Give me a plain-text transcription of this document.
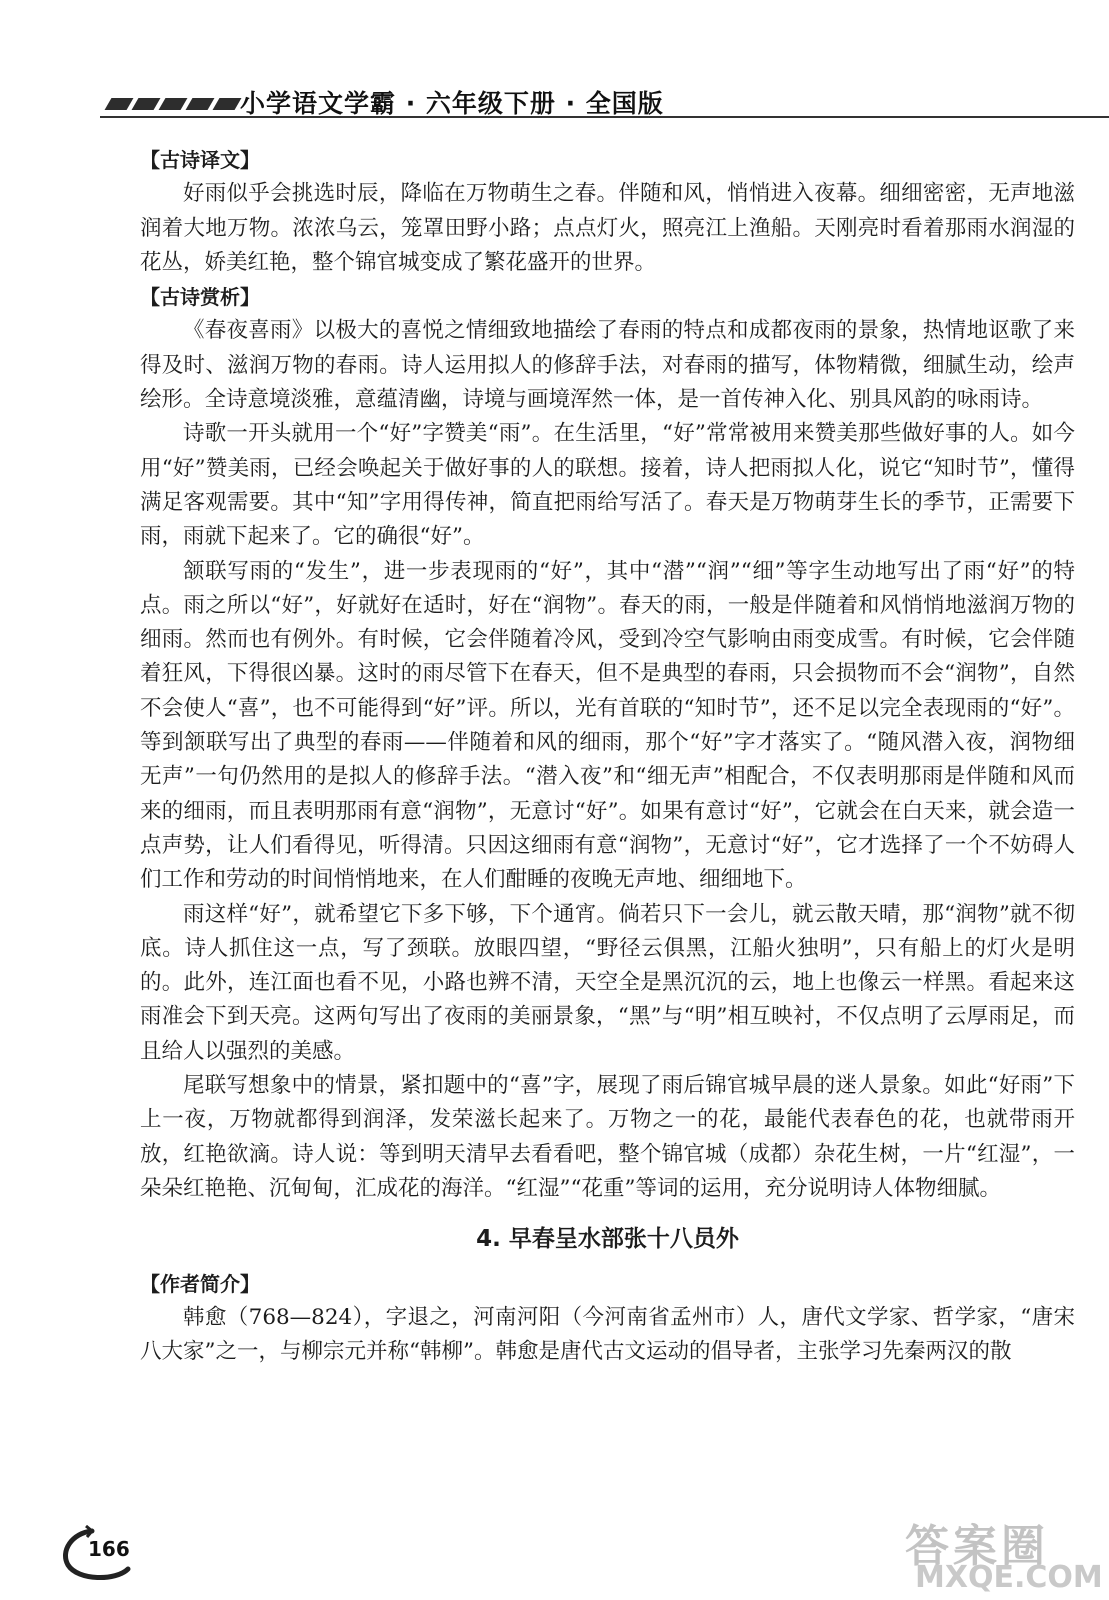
小学语文学霸 · 六年级下册 · 全国版

【古诗译文】

好雨似乎会挑选时辰，降临在万物萌生之春。伴随和风，悄悄进入夜幕。细细密密，无声地滋润着大地万物。浓浓乌云，笼罩田野小路；点点灯火，照亮江上渔船。天刚亮时看着那雨水润湿的花丛，娇美红艳，整个锦官城变成了繁花盛开的世界。

【古诗赏析】

《春夜喜雨》以极大的喜悦之情细致地描绘了春雨的特点和成都夜雨的景象，热情地讴歌了来得及时、滋润万物的春雨。诗人运用拟人的修辞手法，对春雨的描写，体物精微，细腻生动，绘声绘形。全诗意境淡雅，意蕴清幽，诗境与画境浑然一体，是一首传神入化、别具风韵的咏雨诗。

诗歌一开头就用一个“好”字赞美“雨”。在生活里，“好”常常被用来赞美那些做好事的人。如今用“好”赞美雨，已经会唤起关于做好事的人的联想。接着，诗人把雨拟人化，说它“知时节”，懂得满足客观需要。其中“知”字用得传神，简直把雨给写活了。春天是万物萌芽生长的季节，正需要下雨，雨就下起来了。它的确很“好”。

颔联写雨的“发生”，进一步表现雨的“好”，其中“潜”“润”“细”等字生动地写出了雨“好”的特点。雨之所以“好”，好就好在适时，好在“润物”。春天的雨，一般是伴随着和风悄悄地滋润万物的细雨。然而也有例外。有时候，它会伴随着冷风，受到冷空气影响由雨变成雪。有时候，它会伴随着狂风，下得很凶暴。这时的雨尽管下在春天，但不是典型的春雨，只会损物而不会“润物”，自然不会使人“喜”，也不可能得到“好”评。所以，光有首联的“知时节”，还不足以完全表现雨的“好”。等到颔联写出了典型的春雨——伴随着和风的细雨，那个“好”字才落实了。“随风潜入夜，润物细无声”一句仍然用的是拟人的修辞手法。“潜入夜”和“细无声”相配合，不仅表明那雨是伴随和风而来的细雨，而且表明那雨有意“润物”，无意讨“好”。如果有意讨“好”，它就会在白天来，就会造一点声势，让人们看得见，听得清。只因这细雨有意“润物”，无意讨“好”，它才选择了一个不妨碍人们工作和劳动的时间悄悄地来，在人们酣睡的夜晚无声地、细细地下。

雨这样“好”，就希望它下多下够，下个通宵。倘若只下一会儿，就云散天晴，那“润物”就不彻底。诗人抓住这一点，写了颈联。放眼四望，“野径云俱黑，江船火独明”，只有船上的灯火是明的。此外，连江面也看不见，小路也辨不清，天空全是黑沉沉的云，地上也像云一样黑。看起来这雨准会下到天亮。这两句写出了夜雨的美丽景象，“黑”与“明”相互映衬，不仅点明了云厚雨足，而且给人以强烈的美感。

尾联写想象中的情景，紧扣题中的“喜”字，展现了雨后锦官城早晨的迷人景象。如此“好雨”下上一夜，万物就都得到润泽，发荣滋长起来了。万物之一的花，最能代表春色的花，也就带雨开放，红艳欲滴。诗人说：等到明天清早去看看吧，整个锦官城（成都）杂花生树，一片“红湿”，一朵朵红艳艳、沉甸甸，汇成花的海洋。“红湿”“花重”等词的运用，充分说明诗人体物细腻。

4. 早春呈水部张十八员外

【作者简介】

韩愈（768—824），字退之，河南河阳（今河南省孟州市）人，唐代文学家、哲学家，“唐宋八大家”之一，与柳宗元并称“韩柳”。韩愈是唐代古文运动的倡导者，主张学习先秦两汉的散

166	答案圈
MXQE.COM
